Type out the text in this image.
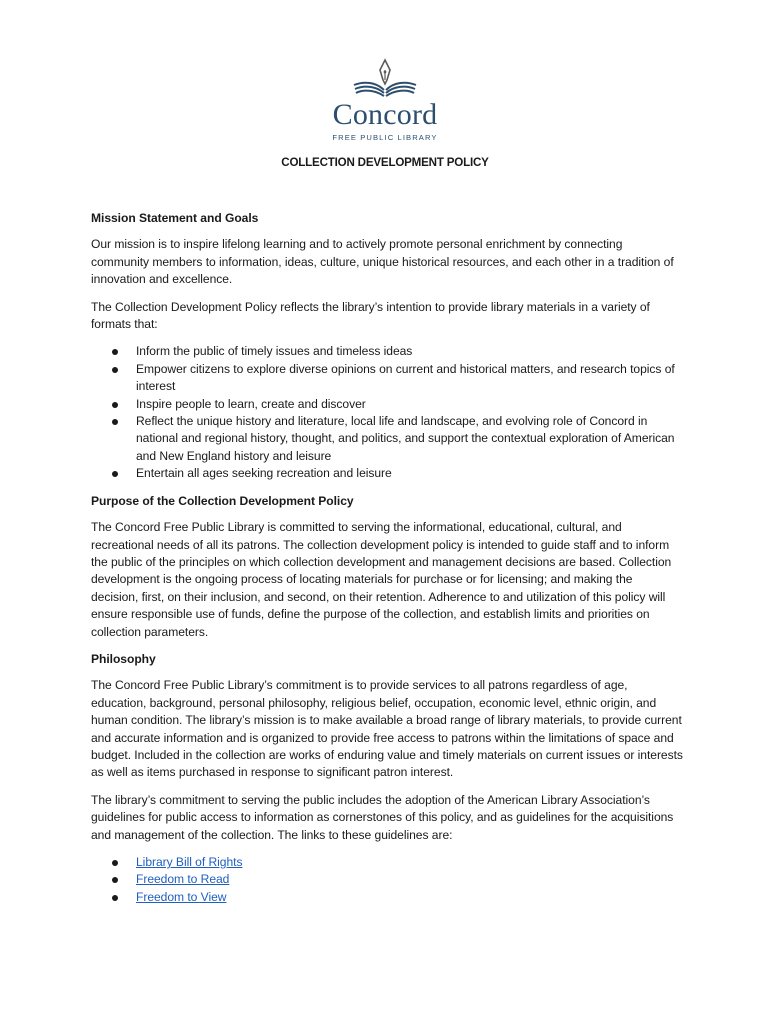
Concord
FREE PUBLIC LIBRARY
COLLECTION DEVELOPMENT POLICY
Mission Statement and Goals

Our mission is to inspire lifelong learning and to actively promote personal enrichment by connecting community members to information, ideas, culture, unique historical resources, and each other in a tradition of innovation and excellence.

The Collection Development Policy reflects the library’s intention to provide library materials in a variety of formats that:

Inform the public of timely issues and timeless ideas
Empower citizens to explore diverse opinions on current and historical matters, and research topics of interest
Inspire people to learn, create and discover
Reflect the unique history and literature, local life and landscape, and evolving role of Concord in national and regional history, thought, and politics, and support the contextual exploration of American and New England history and leisure
Entertain all ages seeking recreation and leisure
Purpose of the Collection Development Policy

The Concord Free Public Library is committed to serving the informational, educational, cultural, and recreational needs of all its patrons. The collection development policy is intended to guide staff and to inform the public of the principles on which collection development and management decisions are based. Collection development is the ongoing process of locating materials for purchase or for licensing; and making the decision, first, on their inclusion, and second, on their retention. Adherence to and utilization of this policy will ensure responsible use of funds, define the purpose of the collection, and establish limits and priorities on collection parameters.

Philosophy

The Concord Free Public Library’s commitment is to provide services to all patrons regardless of age, education, background, personal philosophy, religious belief, occupation, economic level, ethnic origin, and human condition. The library’s mission is to make available a broad range of library materials, to provide current and accurate information and is organized to provide free access to patrons within the limitations of space and budget. Included in the collection are works of enduring value and timely materials on current issues or interests as well as items purchased in response to significant patron interest.

The library’s commitment to serving the public includes the adoption of the American Library Association’s guidelines for public access to information as cornerstones of this policy, and as guidelines for the acquisitions and management of the collection. The links to these guidelines are:

Library Bill of Rights
Freedom to Read
Freedom to View
